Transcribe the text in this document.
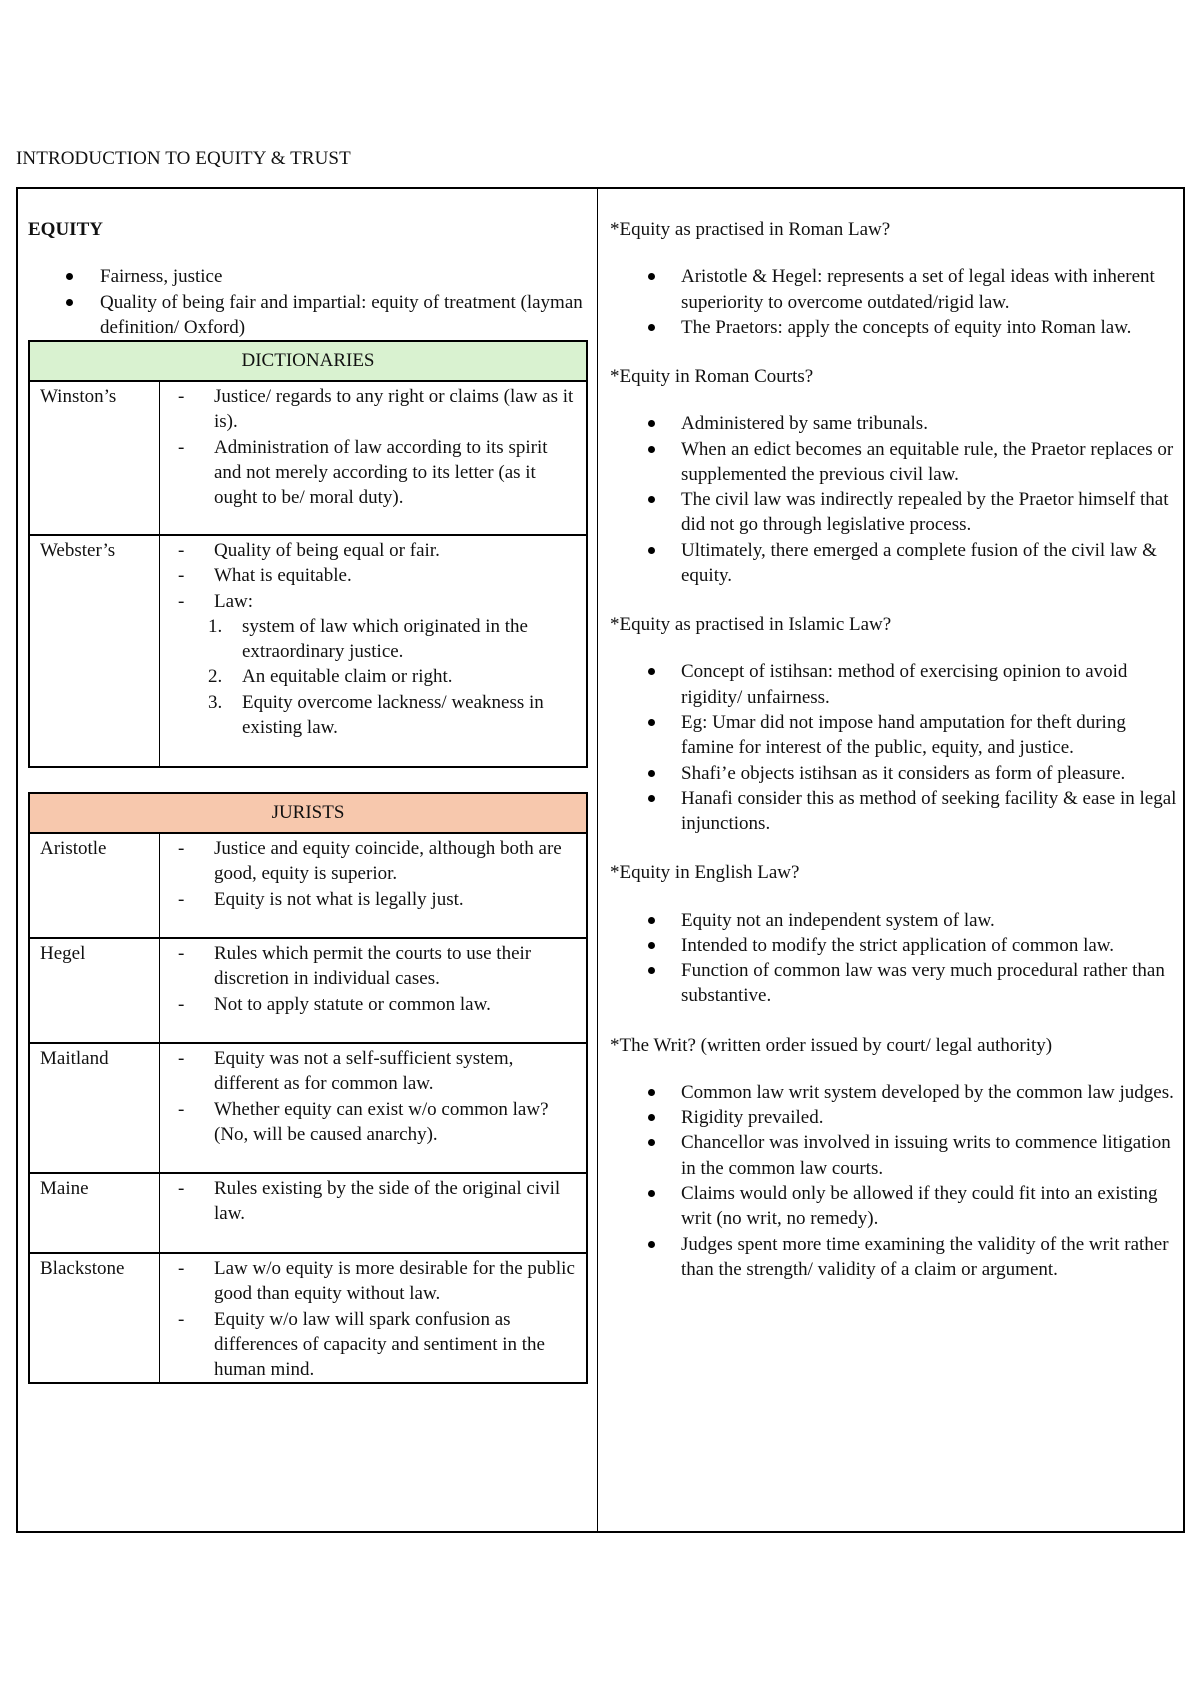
INTRODUCTION TO EQUITY & TRUST
EQUITY
Fairness, justice
Quality of being fair and impartial: equity of treatment (layman definition/ Oxford)
DICTIONARIES
Winston’s	- Justice/ regards to any right or claims (law as it is).
- Administration of law according to its spirit and not merely according to its letter (as it ought to be/ moral duty).
Webster’s	- Quality of being equal or fair.
- What is equitable.
- Law:
1. system of law which originated in the extraordinary justice.
2. An equitable claim or right.
3. Equity overcome lackness/ weakness in existing law.
JURISTS
Aristotle	- Justice and equity coincide, although both are good, equity is superior.
- Equity is not what is legally just.
Hegel	- Rules which permit the courts to use their discretion in individual cases.
- Not to apply statute or common law.
Maitland	- Equity was not a self-sufficient system, different as for common law.
- Whether equity can exist w/o common law? (No, will be caused anarchy).
Maine	- Rules existing by the side of the original civil law.
Blackstone	- Law w/o equity is more desirable for the public good than equity without law.
- Equity w/o law will spark confusion as differences of capacity and sentiment in the human mind.
*Equity as practised in Roman Law?
Aristotle & Hegel: represents a set of legal ideas with inherent superiority to overcome outdated/rigid law.
The Praetors: apply the concepts of equity into Roman law.
*Equity in Roman Courts?
Administered by same tribunals.
When an edict becomes an equitable rule, the Praetor replaces or supplemented the previous civil law.
The civil law was indirectly repealed by the Praetor himself that did not go through legislative process.
Ultimately, there emerged a complete fusion of the civil law & equity.
*Equity as practised in Islamic Law?
Concept of istihsan: method of exercising opinion to avoid rigidity/ unfairness.
Eg: Umar did not impose hand amputation for theft during famine for interest of the public, equity, and justice.
Shafi’e objects istihsan as it considers as form of pleasure.
Hanafi consider this as method of seeking facility & ease in legal injunctions.
*Equity in English Law?
Equity not an independent system of law.
Intended to modify the strict application of common law.
Function of common law was very much procedural rather than substantive.
*The Writ? (written order issued by court/ legal authority)
Common law writ system developed by the common law judges.
Rigidity prevailed.
Chancellor was involved in issuing writs to commence litigation in the common law courts.
Claims would only be allowed if they could fit into an existing writ (no writ, no remedy).
Judges spent more time examining the validity of the writ rather than the strength/ validity of a claim or argument.
